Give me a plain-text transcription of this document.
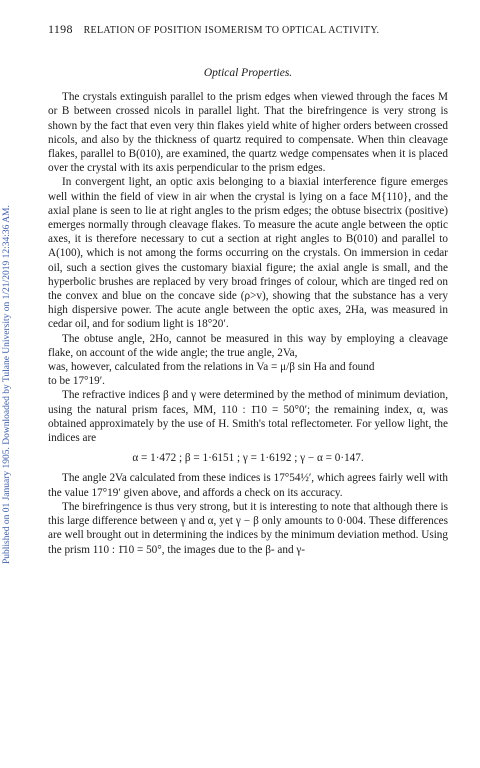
1198 RELATION OF POSITION ISOMERISM TO OPTICAL ACTIVITY.
Published on 01 January 1905. Downloaded by Tulane University on 1/21/2019 12:34:36 AM.
Optical Properties.

The crystals extinguish parallel to the prism edges when viewed through the faces M or B between crossed nicols in parallel light. That the birefringence is very strong is shown by the fact that even very thin flakes yield white of higher orders between crossed nicols, and also by the thickness of quartz required to compensate. When thin cleavage flakes, parallel to B(010), are examined, the quartz wedge compensates when it is placed over the crystal with its axis perpendicular to the prism edges.

In convergent light, an optic axis belonging to a biaxial interference figure emerges well within the field of view in air when the crystal is lying on a face M{110}, and the axial plane is seen to lie at right angles to the prism edges; the obtuse bisectrix (positive) emerges normally through cleavage flakes. To measure the acute angle between the optic axes, it is therefore necessary to cut a section at right angles to B(010) and parallel to A(100), which is not among the forms occurring on the crystals. On immersion in cedar oil, such a section gives the customary biaxial figure; the axial angle is small, and the hyperbolic brushes are replaced by very broad fringes of colour, which are tinged red on the convex and blue on the concave side (ρ>v), showing that the substance has a very high dispersive power. The acute angle between the optic axes, 2Ha, was measured in cedar oil, and for sodium light is 18°20′.

The obtuse angle, 2Ho, cannot be measured in this way by employing a cleavage flake, on account of the wide angle; the true angle, 2Va,

was, however, calculated from the relations in Va = μ/β sin Ha and found

to be 17°19′.

The refractive indices β and γ were determined by the method of minimum deviation, using the natural prism faces, MM, 110 : 1̄10 = 50°0′; the remaining index, α, was obtained approximately by the use of H. Smith's total reflectometer. For yellow light, the indices are

α = 1·472 ; β = 1·6151 ; γ = 1·6192 ; γ − α = 0·147.

The angle 2Va calculated from these indices is 17°54½′, which agrees fairly well with the value 17°19′ given above, and affords a check on its accuracy.

The birefringence is thus very strong, but it is interesting to note that although there is this large difference between γ and α, yet γ − β only amounts to 0·004. These differences are well brought out in determining the indices by the minimum deviation method. Using the prism 110 : 1̄10 = 50°, the images due to the β- and γ-
